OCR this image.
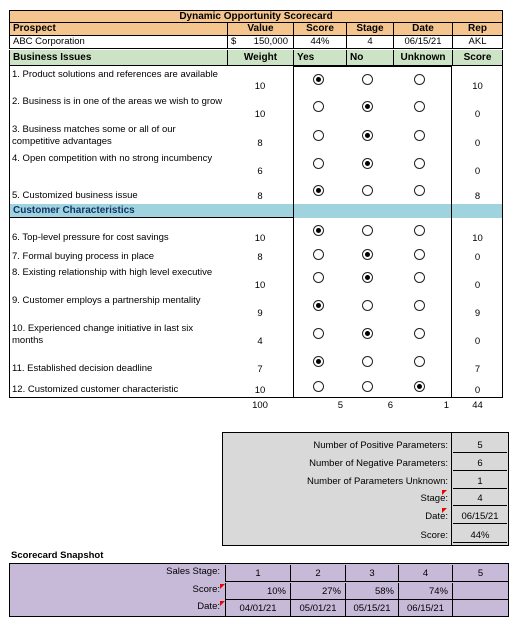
Dynamic Opportunity Scorecard
Prospect	Value	Score	Stage	Date	Rep
ABC Corporation	$ 150,000	44%	4	06/15/21	AKL
Business Issues	Weight	Yes	No	Unknown	Score
Customer Characteristics
1. Product solutions and references are available
10	10
2. Business is in one of the areas we wish to grow
10	0
3. Business matches some or all of our competitive advantages	8	0
4. Open competition with no strong incumbency
6	0
5. Customized business issue	8	8
6. Top-level pressure for cost savings	10	10
7. Formal buying process in place	8	0
8. Existing relationship with high level executive
10	0
9. Customer employs a partnership mentality
9	9
10. Experienced change initiative in last six months	4	0
11. Established decision deadline	7	7
12. Customized customer characteristic	10	0
100	5	6	1	44
Number of Positive Parameters:	5
Number of Negative Parameters:	6
Number of Parameters Unknown:	1
Stage:	4
Date:	06/15/21
Score:	44%
Scorecard Snapshot
Sales Stage:	1	2	3	4	5
Score:	10%	27%	58%	74%
Date:	04/01/21	05/01/21	05/15/21	06/15/21
